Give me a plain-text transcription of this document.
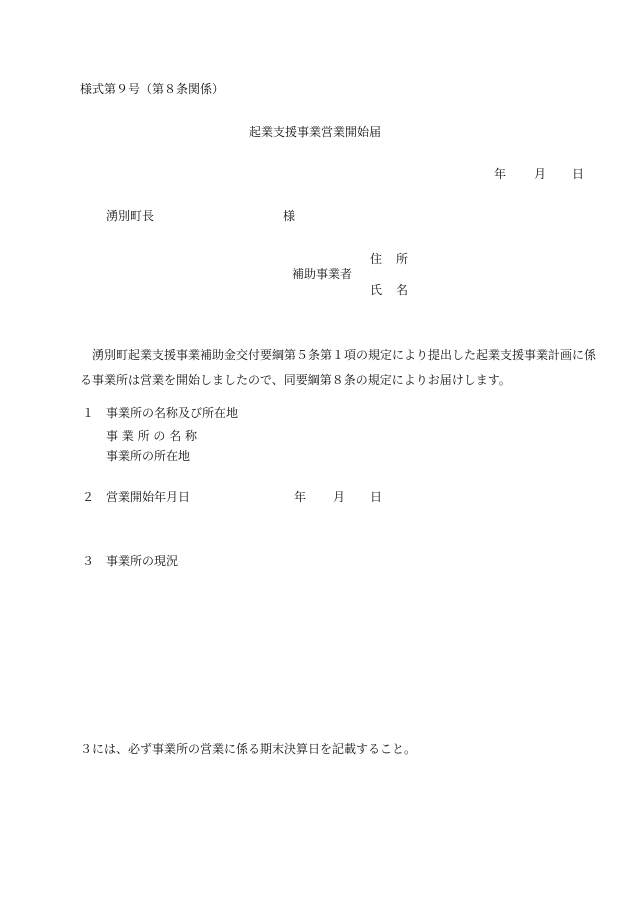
様式第９号（第８条関係）
起業支援事業営業開始届
年 月 日
湧別町長	様
住所
補助事業者
氏名
湧別町起業支援事業補助金交付要綱第５条第１項の規定により提出した起業支援事業計画に係る事業所は営業を開始しましたので、同要綱第８条の規定によりお届けします。
１ 事業所の名称及び所在地
事業所の名称
事業所の所在地
２ 営業開始年月日	年 月 日
３ 事業所の現況
３には、必ず事業所の営業に係る期末決算日を記載すること。
